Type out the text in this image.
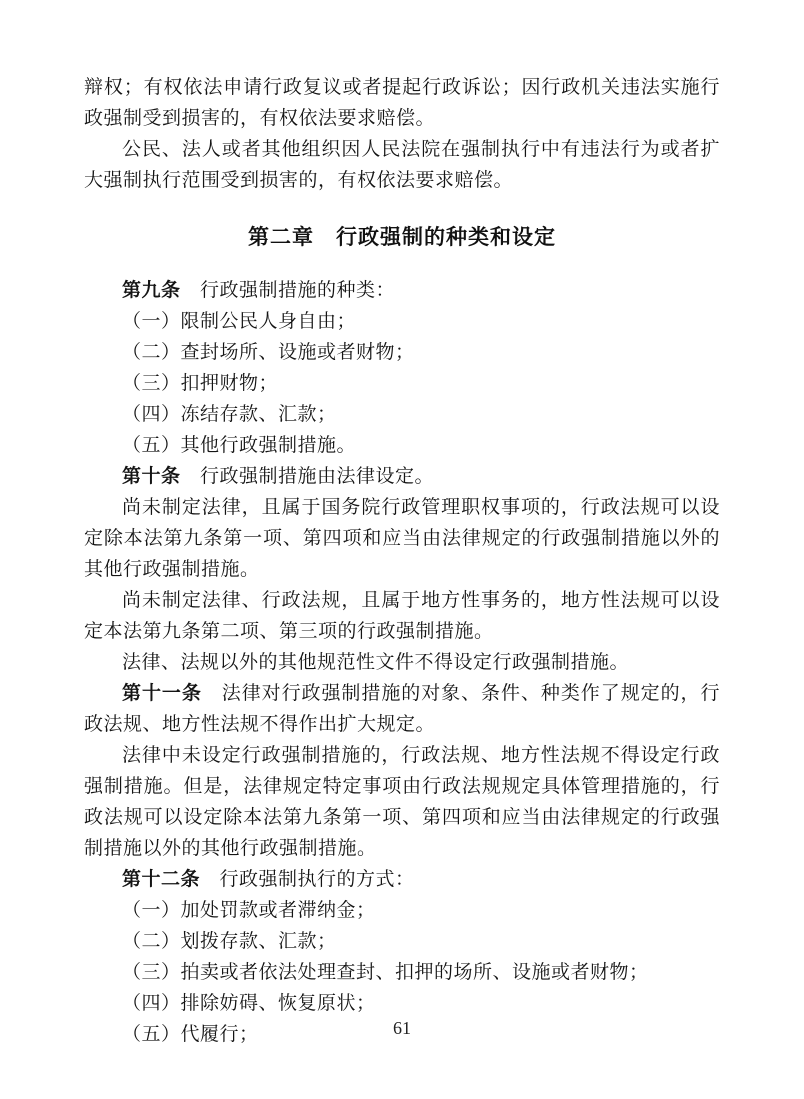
辩权；有权依法申请行政复议或者提起行政诉讼；因行政机关违法实施行政强制受到损害的，有权依法要求赔偿。

公民、法人或者其他组织因人民法院在强制执行中有违法行为或者扩大强制执行范围受到损害的，有权依法要求赔偿。

第二章　行政强制的种类和设定

第九条　行政强制措施的种类：

（一）限制公民人身自由；

（二）查封场所、设施或者财物；

（三）扣押财物；

（四）冻结存款、汇款；

（五）其他行政强制措施。

第十条　行政强制措施由法律设定。

尚未制定法律，且属于国务院行政管理职权事项的，行政法规可以设定除本法第九条第一项、第四项和应当由法律规定的行政强制措施以外的其他行政强制措施。

尚未制定法律、行政法规，且属于地方性事务的，地方性法规可以设定本法第九条第二项、第三项的行政强制措施。

法律、法规以外的其他规范性文件不得设定行政强制措施。

第十一条　法律对行政强制措施的对象、条件、种类作了规定的，行政法规、地方性法规不得作出扩大规定。

法律中未设定行政强制措施的，行政法规、地方性法规不得设定行政强制措施。但是，法律规定特定事项由行政法规规定具体管理措施的，行政法规可以设定除本法第九条第一项、第四项和应当由法律规定的行政强制措施以外的其他行政强制措施。

第十二条　行政强制执行的方式：

（一）加处罚款或者滞纳金；

（二）划拨存款、汇款；

（三）拍卖或者依法处理查封、扣押的场所、设施或者财物；

（四）排除妨碍、恢复原状；

（五）代履行；	61
